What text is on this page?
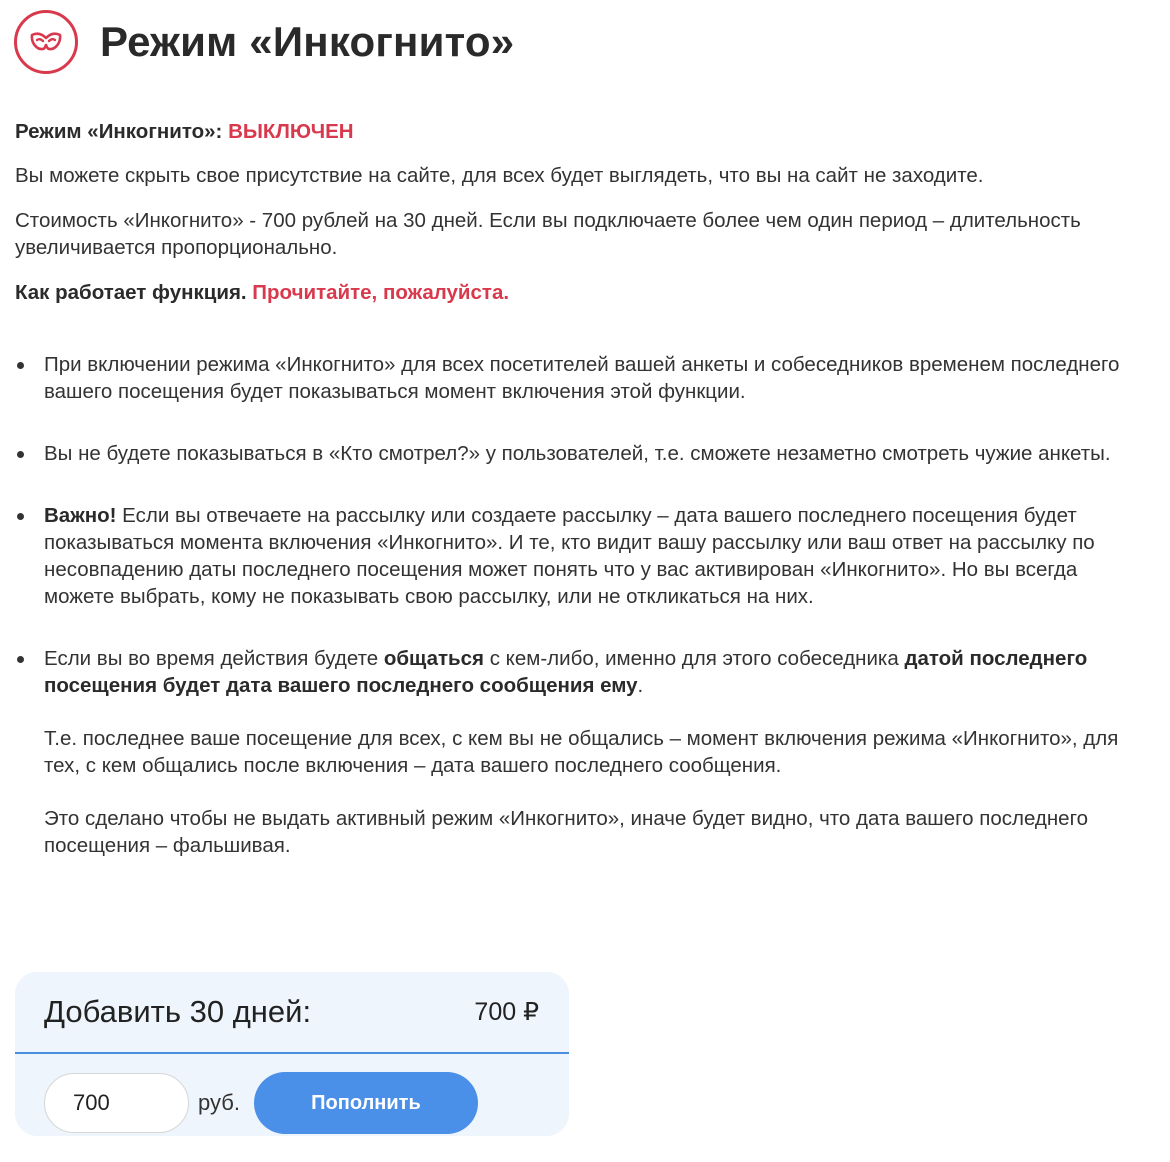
Режим «Инкогнито»

Режим «Инкогнито»: ВЫКЛЮЧЕН

Вы можете скрыть свое присутствие на сайте, для всех будет выглядеть, что вы на сайт не заходите.

Стоимость «Инкогнито» - 700 рублей на 30 дней. Если вы подключаете более чем один период – длительность увеличивается пропорционально.

Как работает функция. Прочитайте, пожалуйста.

При включении режима «Инкогнито» для всех посетителей вашей анкеты и собеседников временем последнего вашего посещения будет показываться момент включения этой функции.
Вы не будете показываться в «Кто смотрел?» у пользователей, т.е. сможете незаметно смотреть чужие анкеты.
Важно! Если вы отвечаете на рассылку или создаете рассылку – дата вашего последнего посещения будет показываться момента включения «Инкогнито». И те, кто видит вашу рассылку или ваш ответ на рассылку по несовпадению даты последнего посещения может понять что у вас активирован «Инкогнито». Но вы всегда можете выбрать, кому не показывать свою рассылку, или не откликаться на них.
Если вы во время действия будете общаться с кем-либо, именно для этого собеседника датой последнего посещения будет дата вашего последнего сообщения ему.
Т.е. последнее ваше посещение для всех, с кем вы не общались – момент включения режима «Инкогнито», для тех, с кем общались после включения – дата вашего последнего сообщения.
Это сделано чтобы не выдать активный режим «Инкогнито», иначе будет видно, что дата вашего последнего посещения – фальшивая.
Добавить 30 дней:	700 ₽
700
руб.	Пополнить
